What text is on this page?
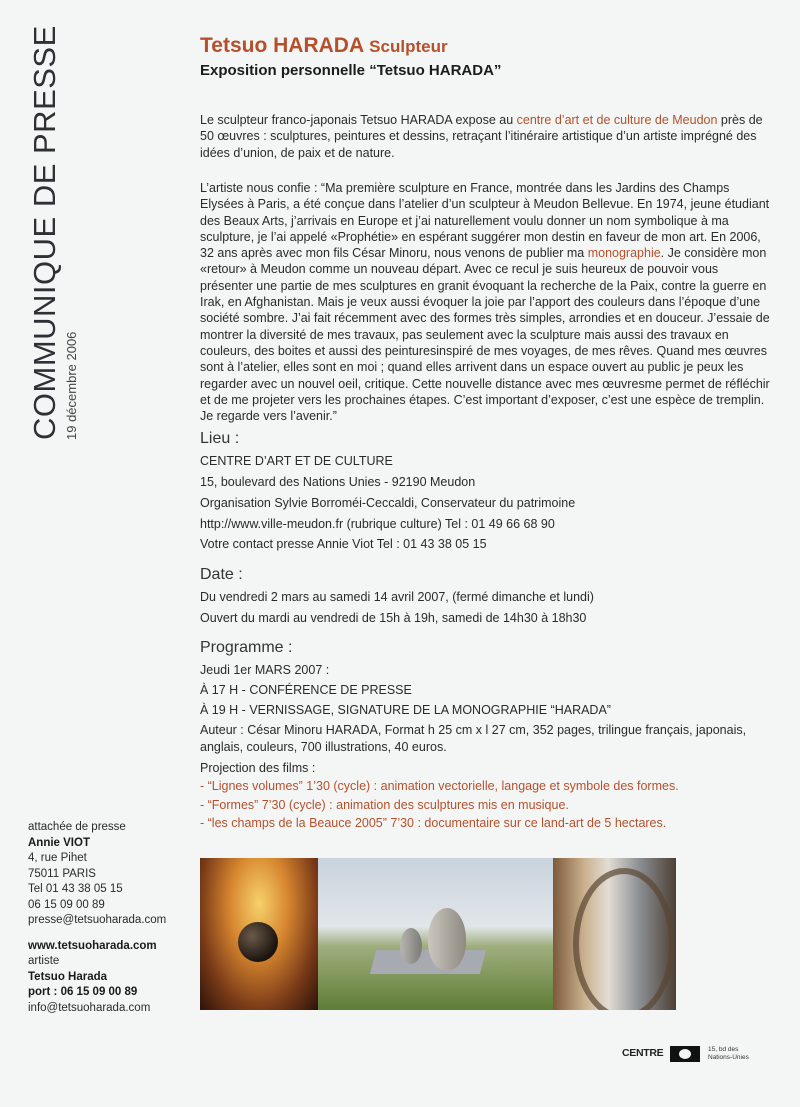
COMMUNIQUE DE PRESSE 19 décembre 2006
Tetsuo HARADA Sculpteur
Exposition personnelle “Tetsuo HARADA”

Le sculpteur franco-japonais Tetsuo HARADA expose au centre d’art et de culture de Meudon près de 50 œuvres : sculptures, peintures et dessins, retraçant l’itinéraire artistique d’un artiste imprégné des idées d’union, de paix et de nature.

L’artiste nous confie : “Ma première sculpture en France, montrée dans les Jardins des Champs Elysées à Paris, a été conçue dans l’atelier d’un sculpteur à Meudon Bellevue. En 1974, jeune étudiant des Beaux Arts, j’arrivais en Europe et j’ai naturellement voulu donner un nom symbolique à ma sculpture, je l’ai appelé «Prophétie» en espérant suggérer mon destin en faveur de mon art. En 2006, 32 ans après avec mon fils César Minoru, nous venons de publier ma monographie. Je considère mon «retour» à Meudon comme un nouveau départ. Avec ce recul je suis heureux de pouvoir vous présenter une partie de mes sculptures en granit évoquant la recherche de la Paix, contre la guerre en Irak, en Afghanistan. Mais je veux aussi évoquer la joie par l’apport des couleurs dans l’époque d’une société sombre. J’ai fait récemment avec des formes très simples, arrondies et en douceur. J’essaie de montrer la diversité de mes travaux, pas seulement avec la sculpture mais aussi des travaux en couleurs, des boites et aussi des peinturesinspiré de mes voyages, de mes rêves. Quand mes œuvres sont à l’atelier, elles sont en moi ; quand elles arrivent dans un espace ouvert au public je peux les regarder avec un nouvel oeil, critique. Cette nouvelle distance avec mes œuvresme permet de réfléchir et de me projeter vers les prochaines étapes. C’est important d’exposer, c’est une espèce de tremplin. Je regarde vers l’avenir.”

Lieu :
CENTRE D’ART ET DE CULTURE
15, boulevard des Nations Unies - 92190 Meudon
Organisation Sylvie Borroméi-Ceccaldi, Conservateur du patrimoine
http://www.ville-meudon.fr (rubrique culture) Tel : 01 49 66 68 90
Votre contact presse Annie Viot Tel : 01 43 38 05 15
Date :
Du vendredi 2 mars au samedi 14 avril 2007, (fermé dimanche et lundi)
Ouvert du mardi au vendredi de 15h à 19h, samedi de 14h30 à 18h30
Programme :
Jeudi 1er MARS 2007 :
À 17 H - CONFÉRENCE DE PRESSE
À 19 H - VERNISSAGE, SIGNATURE DE LA MONOGRAPHIE “HARADA”
Auteur : César Minoru HARADA, Format h 25 cm x l 27 cm, 352 pages, trilingue français, japonais,
anglais, couleurs, 700 illustrations, 40 euros.
Projection des films :
- “Lignes volumes” 1’30 (cycle) : animation vectorielle, langage et symbole des formes.
- “Formes” 7’30 (cycle) : animation des sculptures mis en musique.
- “les champs de la Beauce 2005” 7’30 : documentaire sur ce land-art de 5 hectares.
attachée de presse
Annie VIOT
4, rue Pihet
75011 PARIS
Tel 01 43 38 05 15
06 15 09 00 89
presse@tetsuoharada.com
www.tetsuoharada.com
artiste
Tetsuo Harada
port : 06 15 09 00 89
info@tetsuoharada.com
CENTRE	15, bd des
Nations-Unies
